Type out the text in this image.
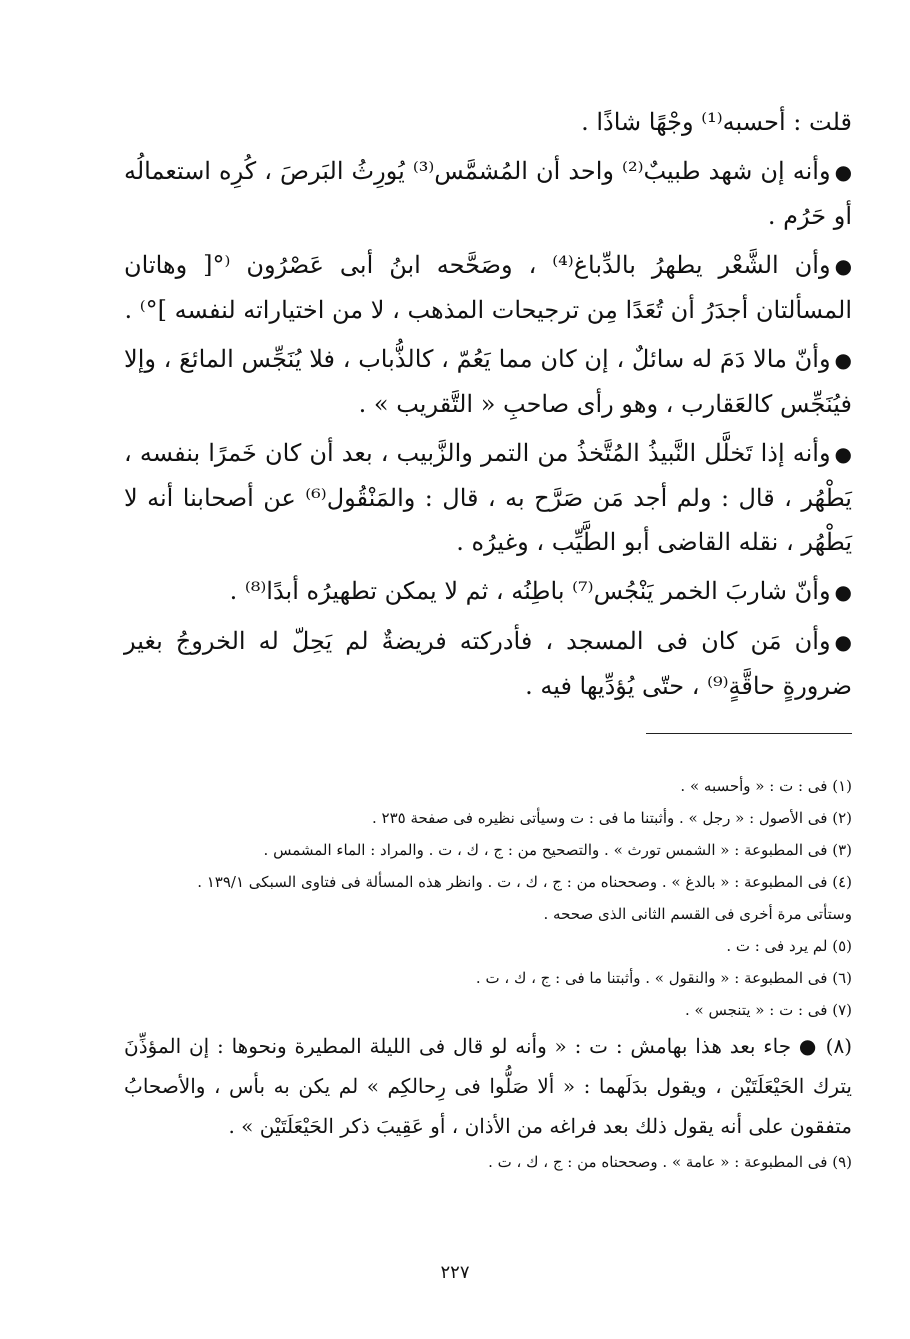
قلت : أحسبه⁽¹⁾ وجْهًا شاذًا .

●وأنه إن شهد طبيبٌ⁽²⁾ واحد أن المُشمَّس⁽³⁾ يُورِثُ البَرصَ ، كُرِه استعمالُه أو حَرُم .

●وأن الشَّعْر يطهرُ بالدِّباغ⁽⁴⁾ ، وصَحَّحه ابنُ أبى عَصْرُون ⁽°[ وهاتان المسألتان أجدَرُ أن تُعَدًا مِن ترجيحات المذهب ، لا من اختياراته لنفسه ]°⁾ .

●وأنّ مالا دَمَ له سائلٌ ، إن كان مما يَعُمّ ، كالذُّباب ، فلا يُنَجِّس المائعَ ، وإلا فيُنَجِّس كالعَقارب ، وهو رأى صاحبِ « التَّقريب » .

●وأنه إذا تَخلَّل النَّبيذُ المُتَّخذُ من التمر والزَّبيب ، بعد أن كان خَمرًا بنفسه ، يَطْهُر ، قال : ولم أجد مَن صَرَّح به ، قال : والمَنْقُول⁽⁶⁾ عن أصحابنا أنه لا يَطْهُر ، نقله القاضى أبو الطَّيِّب ، وغيرُه .

●وأنّ شاربَ الخمر يَنْجُس⁽⁷⁾ باطِنُه ، ثم لا يمكن تطهيرُه أبدًا⁽⁸⁾ .

●وأن مَن كان فى المسجد ، فأدركته فريضةٌ لم يَحِلّ له الخروجُ بغير ضرورةٍ حاقَّةٍ⁽⁹⁾ ، حتّى يُؤدِّيها فيه .

(١) فى : ت : « وأحسبه » .

(٢) فى الأصول : « رجل » . وأثبتنا ما فى : ت وسيأتى نظيره فى صفحة ٢٣٥ .

(٣) فى المطبوعة : « الشمس تورث » . والتصحيح من : ج ، ك ، ت . والمراد : الماء المشمس .

(٤) فى المطبوعة : « بالدغ » . وصححناه من : ج ، ك ، ت . وانظر هذه المسألة فى فتاوى السبكى ١٣٩/١ .

وستأتى مرة أخرى فى القسم الثانى الذى صححه .

(٥) لم يرد فى : ت .

(٦) فى المطبوعة : « والنقول » . وأثبتنا ما فى : ج ، ك ، ت .

(٧) فى : ت : « يتنجس » .

(٨) ● جاء بعد هذا بهامش : ت : « وأنه لو قال فى الليلة المطيرة ونحوها : إن المؤذِّنَ يترك الحَيْعَلَتَيْن ، ويقول بدَلَهما : « ألا صَلُّوا فى رِحالكِم » لم يكن به بأس ، والأصحابُ متفقون على أنه يقول ذلك بعد فراغه من الأذان ، أو عَقِيبَ ذكر الحَيْعَلَتَيْن » .

(٩) فى المطبوعة : « عامة » . وصححناه من : ج ، ك ، ت .

٢٢٧
